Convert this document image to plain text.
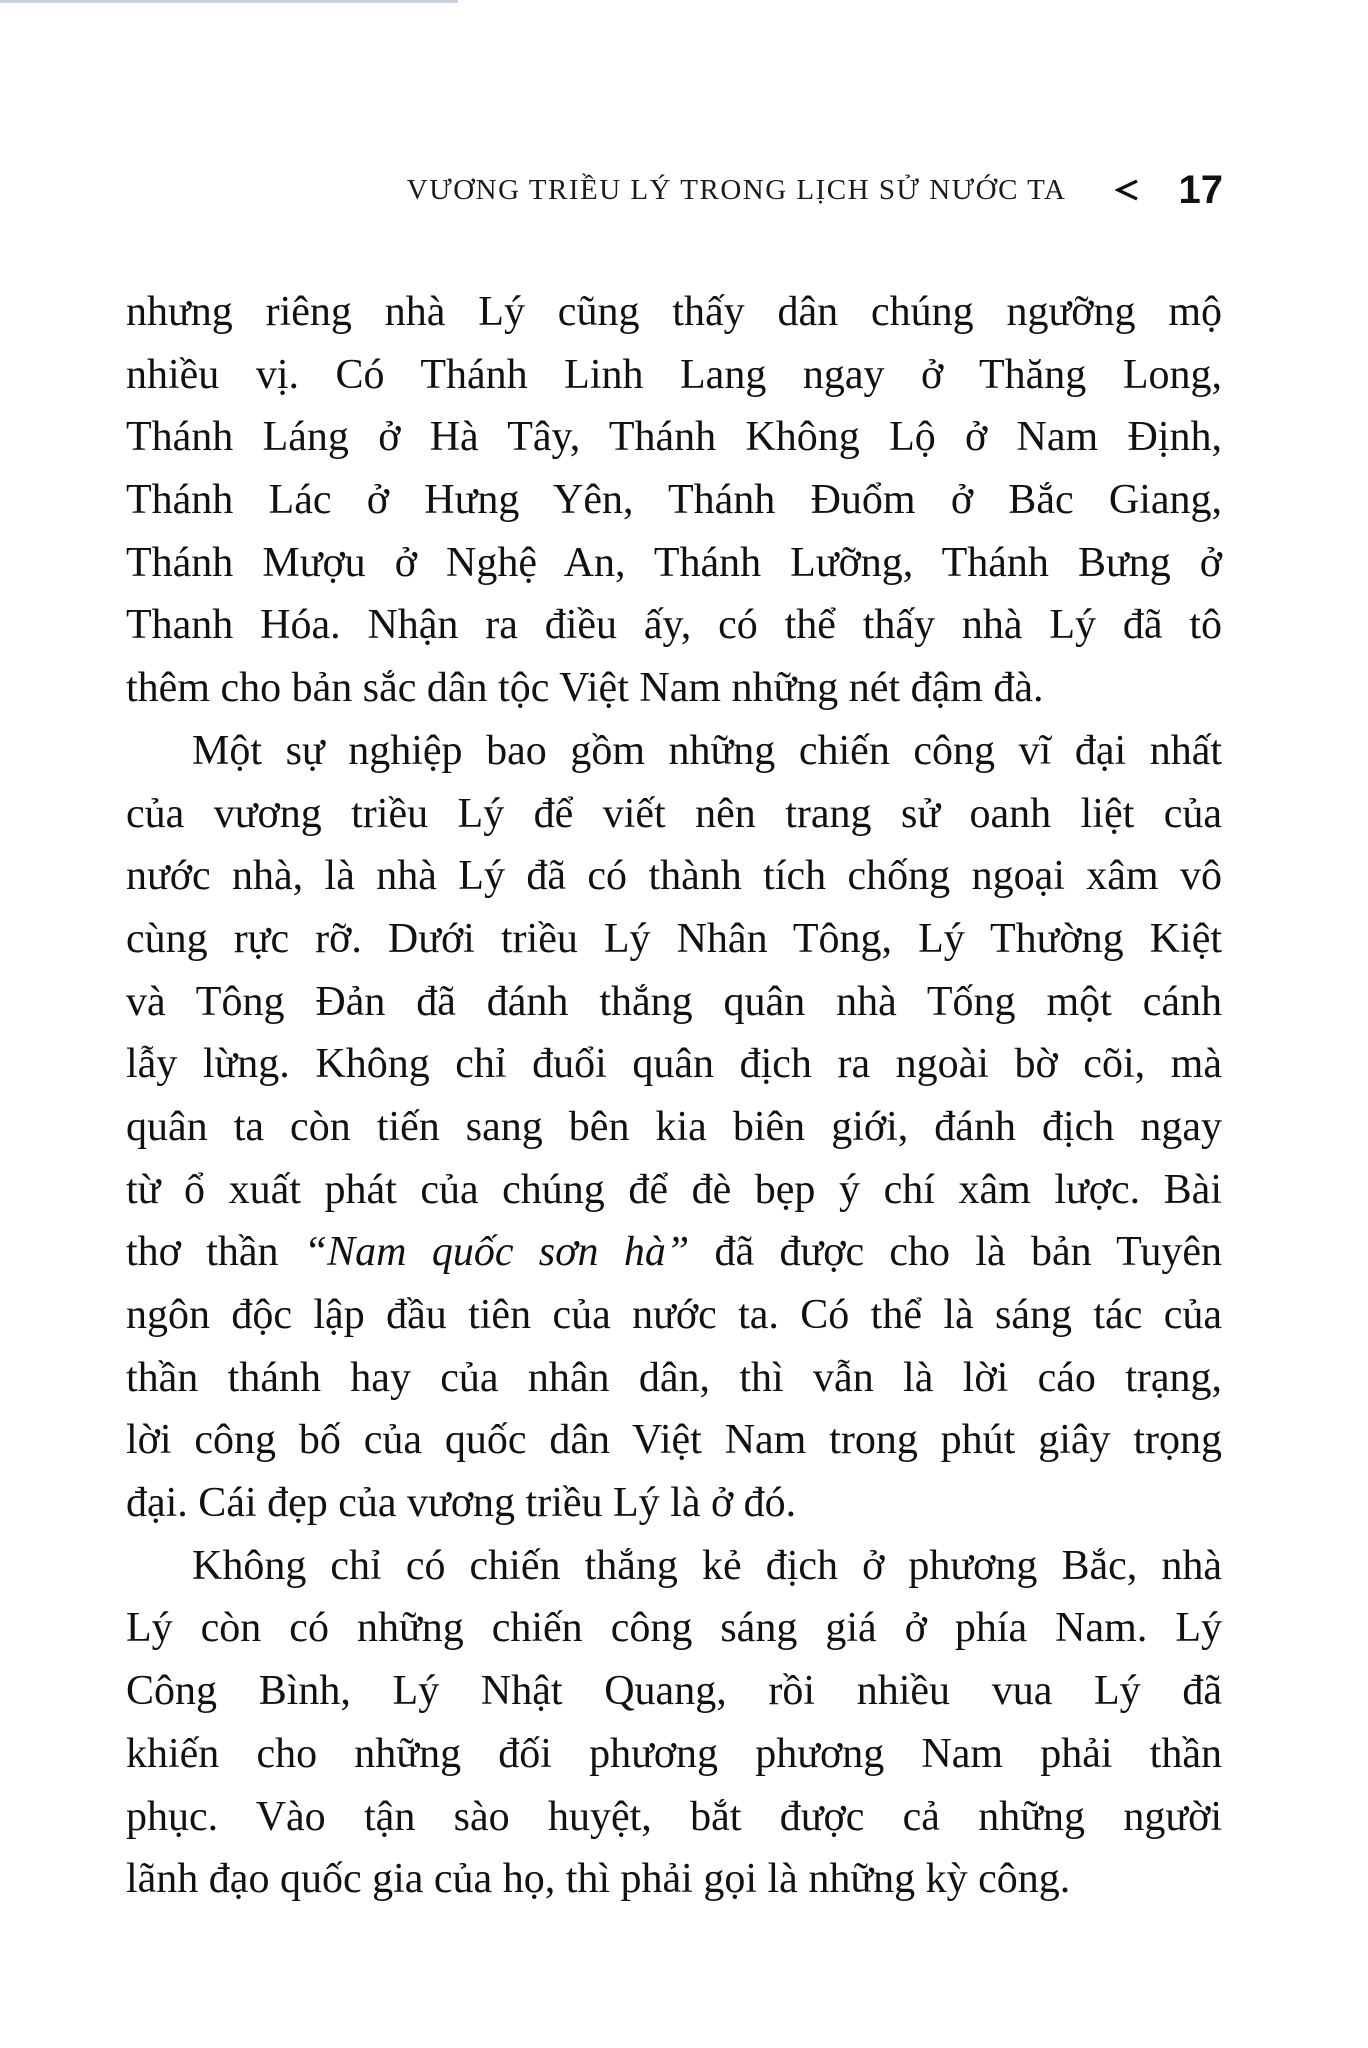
VƯƠNG TRIỀU LÝ TRONG LỊCH SỬ NƯỚC TA	17
nhưng riêng nhà Lý cũng thấy dân chúng ngưỡng mộ
nhiều vị. Có Thánh Linh Lang ngay ở Thăng Long,
Thánh Láng ở Hà Tây, Thánh Không Lộ ở Nam Định,
Thánh Lác ở Hưng Yên, Thánh Đuổm ở Bắc Giang,
Thánh Mượu ở Nghệ An, Thánh Lưỡng, Thánh Bưng ở
Thanh Hóa. Nhận ra điều ấy, có thể thấy nhà Lý đã tô
thêm cho bản sắc dân tộc Việt Nam những nét đậm đà.
Một sự nghiệp bao gồm những chiến công vĩ đại nhất
của vương triều Lý để viết nên trang sử oanh liệt của
nước nhà, là nhà Lý đã có thành tích chống ngoại xâm vô
cùng rực rỡ. Dưới triều Lý Nhân Tông, Lý Thường Kiệt
và Tông Đản đã đánh thắng quân nhà Tống một cánh
lẫy lừng. Không chỉ đuổi quân địch ra ngoài bờ cõi, mà
quân ta còn tiến sang bên kia biên giới, đánh địch ngay
từ ổ xuất phát của chúng để đè bẹp ý chí xâm lược. Bài
thơ thần “Nam quốc sơn hà” đã được cho là bản Tuyên
ngôn độc lập đầu tiên của nước ta. Có thể là sáng tác của
thần thánh hay của nhân dân, thì vẫn là lời cáo trạng,
lời công bố của quốc dân Việt Nam trong phút giây trọng
đại. Cái đẹp của vương triều Lý là ở đó.
Không chỉ có chiến thắng kẻ địch ở phương Bắc, nhà
Lý còn có những chiến công sáng giá ở phía Nam. Lý
Công Bình, Lý Nhật Quang, rồi nhiều vua Lý đã
khiến cho những đối phương phương Nam phải thần
phục. Vào tận sào huyệt, bắt được cả những người
lãnh đạo quốc gia của họ, thì phải gọi là những kỳ công.
